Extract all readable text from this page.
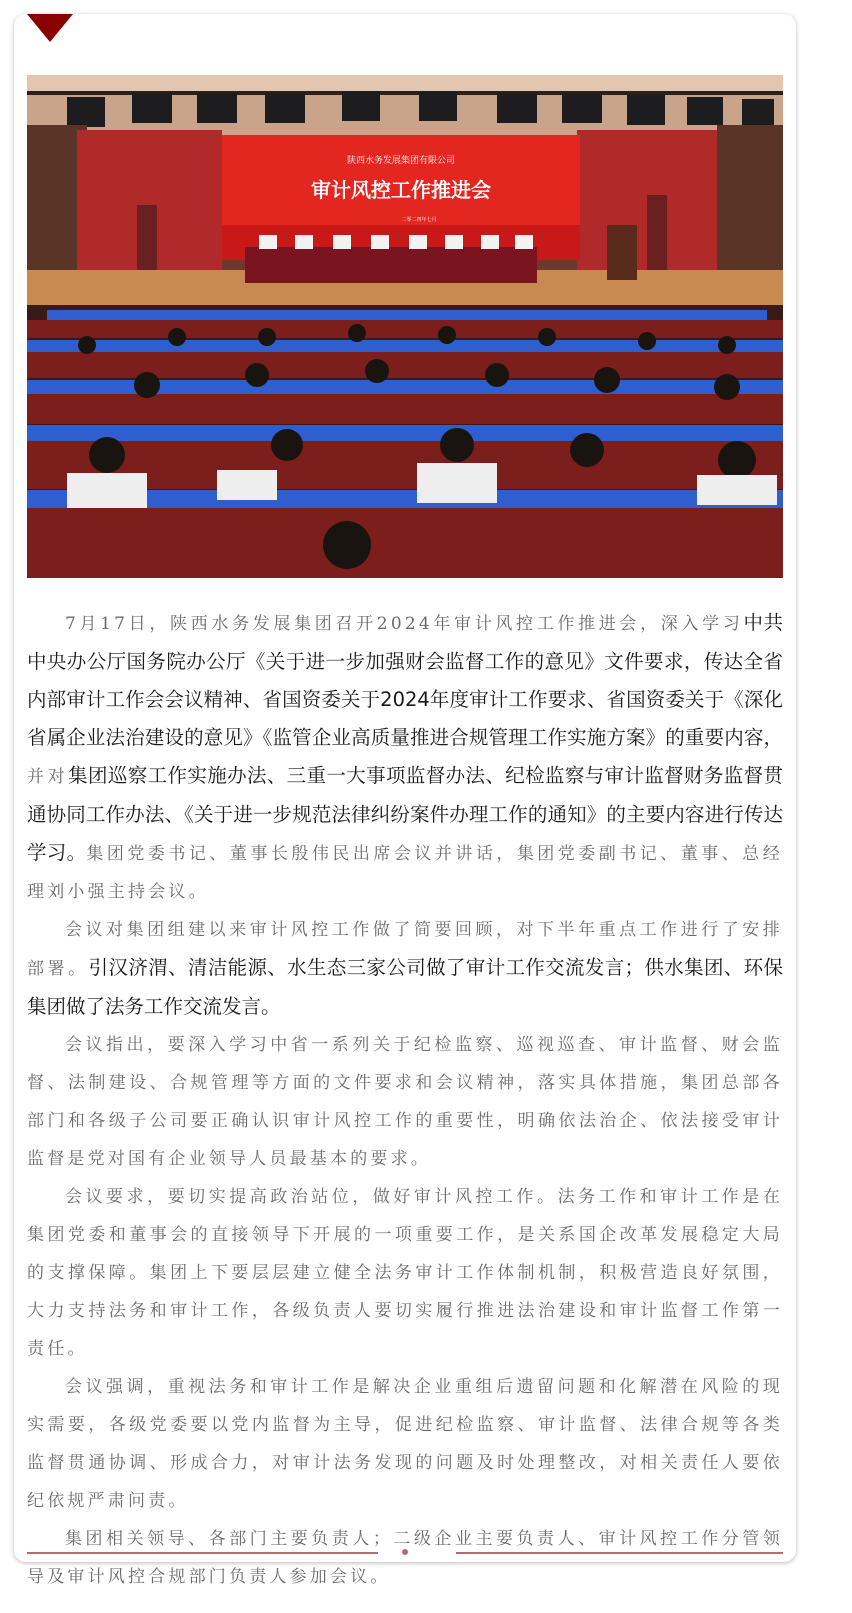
陕西水务发展集团有限公司
审计风控工作推进会
二零二四年七月

7月17日，陕西水务发展集团召开2024年审计风控工作推进会，深入学习中共中央办公厅国务院办公厅《关于进一步加强财会监督工作的意见》文件要求，传达全省内部审计工作会会议精神、省国资委关于2024年度审计工作要求、省国资委关于《深化省属企业法治建设的意见》《监管企业高质量推进合规管理工作实施方案》的重要内容，并对集团巡察工作实施办法、三重一大事项监督办法、纪检监察与审计监督财务监督贯通协同工作办法、《关于进一步规范法律纠纷案件办理工作的通知》的主要内容进行传达学习。集团党委书记、董事长殷伟民出席会议并讲话，集团党委副书记、董事、总经理刘小强主持会议。

会议对集团组建以来审计风控工作做了简要回顾，对下半年重点工作进行了安排部署。引汉济渭、清洁能源、水生态三家公司做了审计工作交流发言；供水集团、环保集团做了法务工作交流发言。

会议指出，要深入学习中省一系列关于纪检监察、巡视巡查、审计监督、财会监督、法制建设、合规管理等方面的文件要求和会议精神，落实具体措施，集团总部各部门和各级子公司要正确认识审计风控工作的重要性，明确依法治企、依法接受审计监督是党对国有企业领导人员最基本的要求。

会议要求，要切实提高政治站位，做好审计风控工作。法务工作和审计工作是在集团党委和董事会的直接领导下开展的一项重要工作，是关系国企改革发展稳定大局的支撑保障。集团上下要层层建立健全法务审计工作体制机制，积极营造良好氛围，大力支持法务和审计工作，各级负责人要切实履行推进法治建设和审计监督工作第一责任。

会议强调，重视法务和审计工作是解决企业重组后遗留问题和化解潜在风险的现实需要，各级党委要以党内监督为主导，促进纪检监察、审计监督、法律合规等各类监督贯通协调、形成合力，对审计法务发现的问题及时处理整改，对相关责任人要依纪依规严肃问责。

集团相关领导、各部门主要负责人；二级企业主要负责人、审计风控工作分管领导及审计风控合规部门负责人参加会议。
